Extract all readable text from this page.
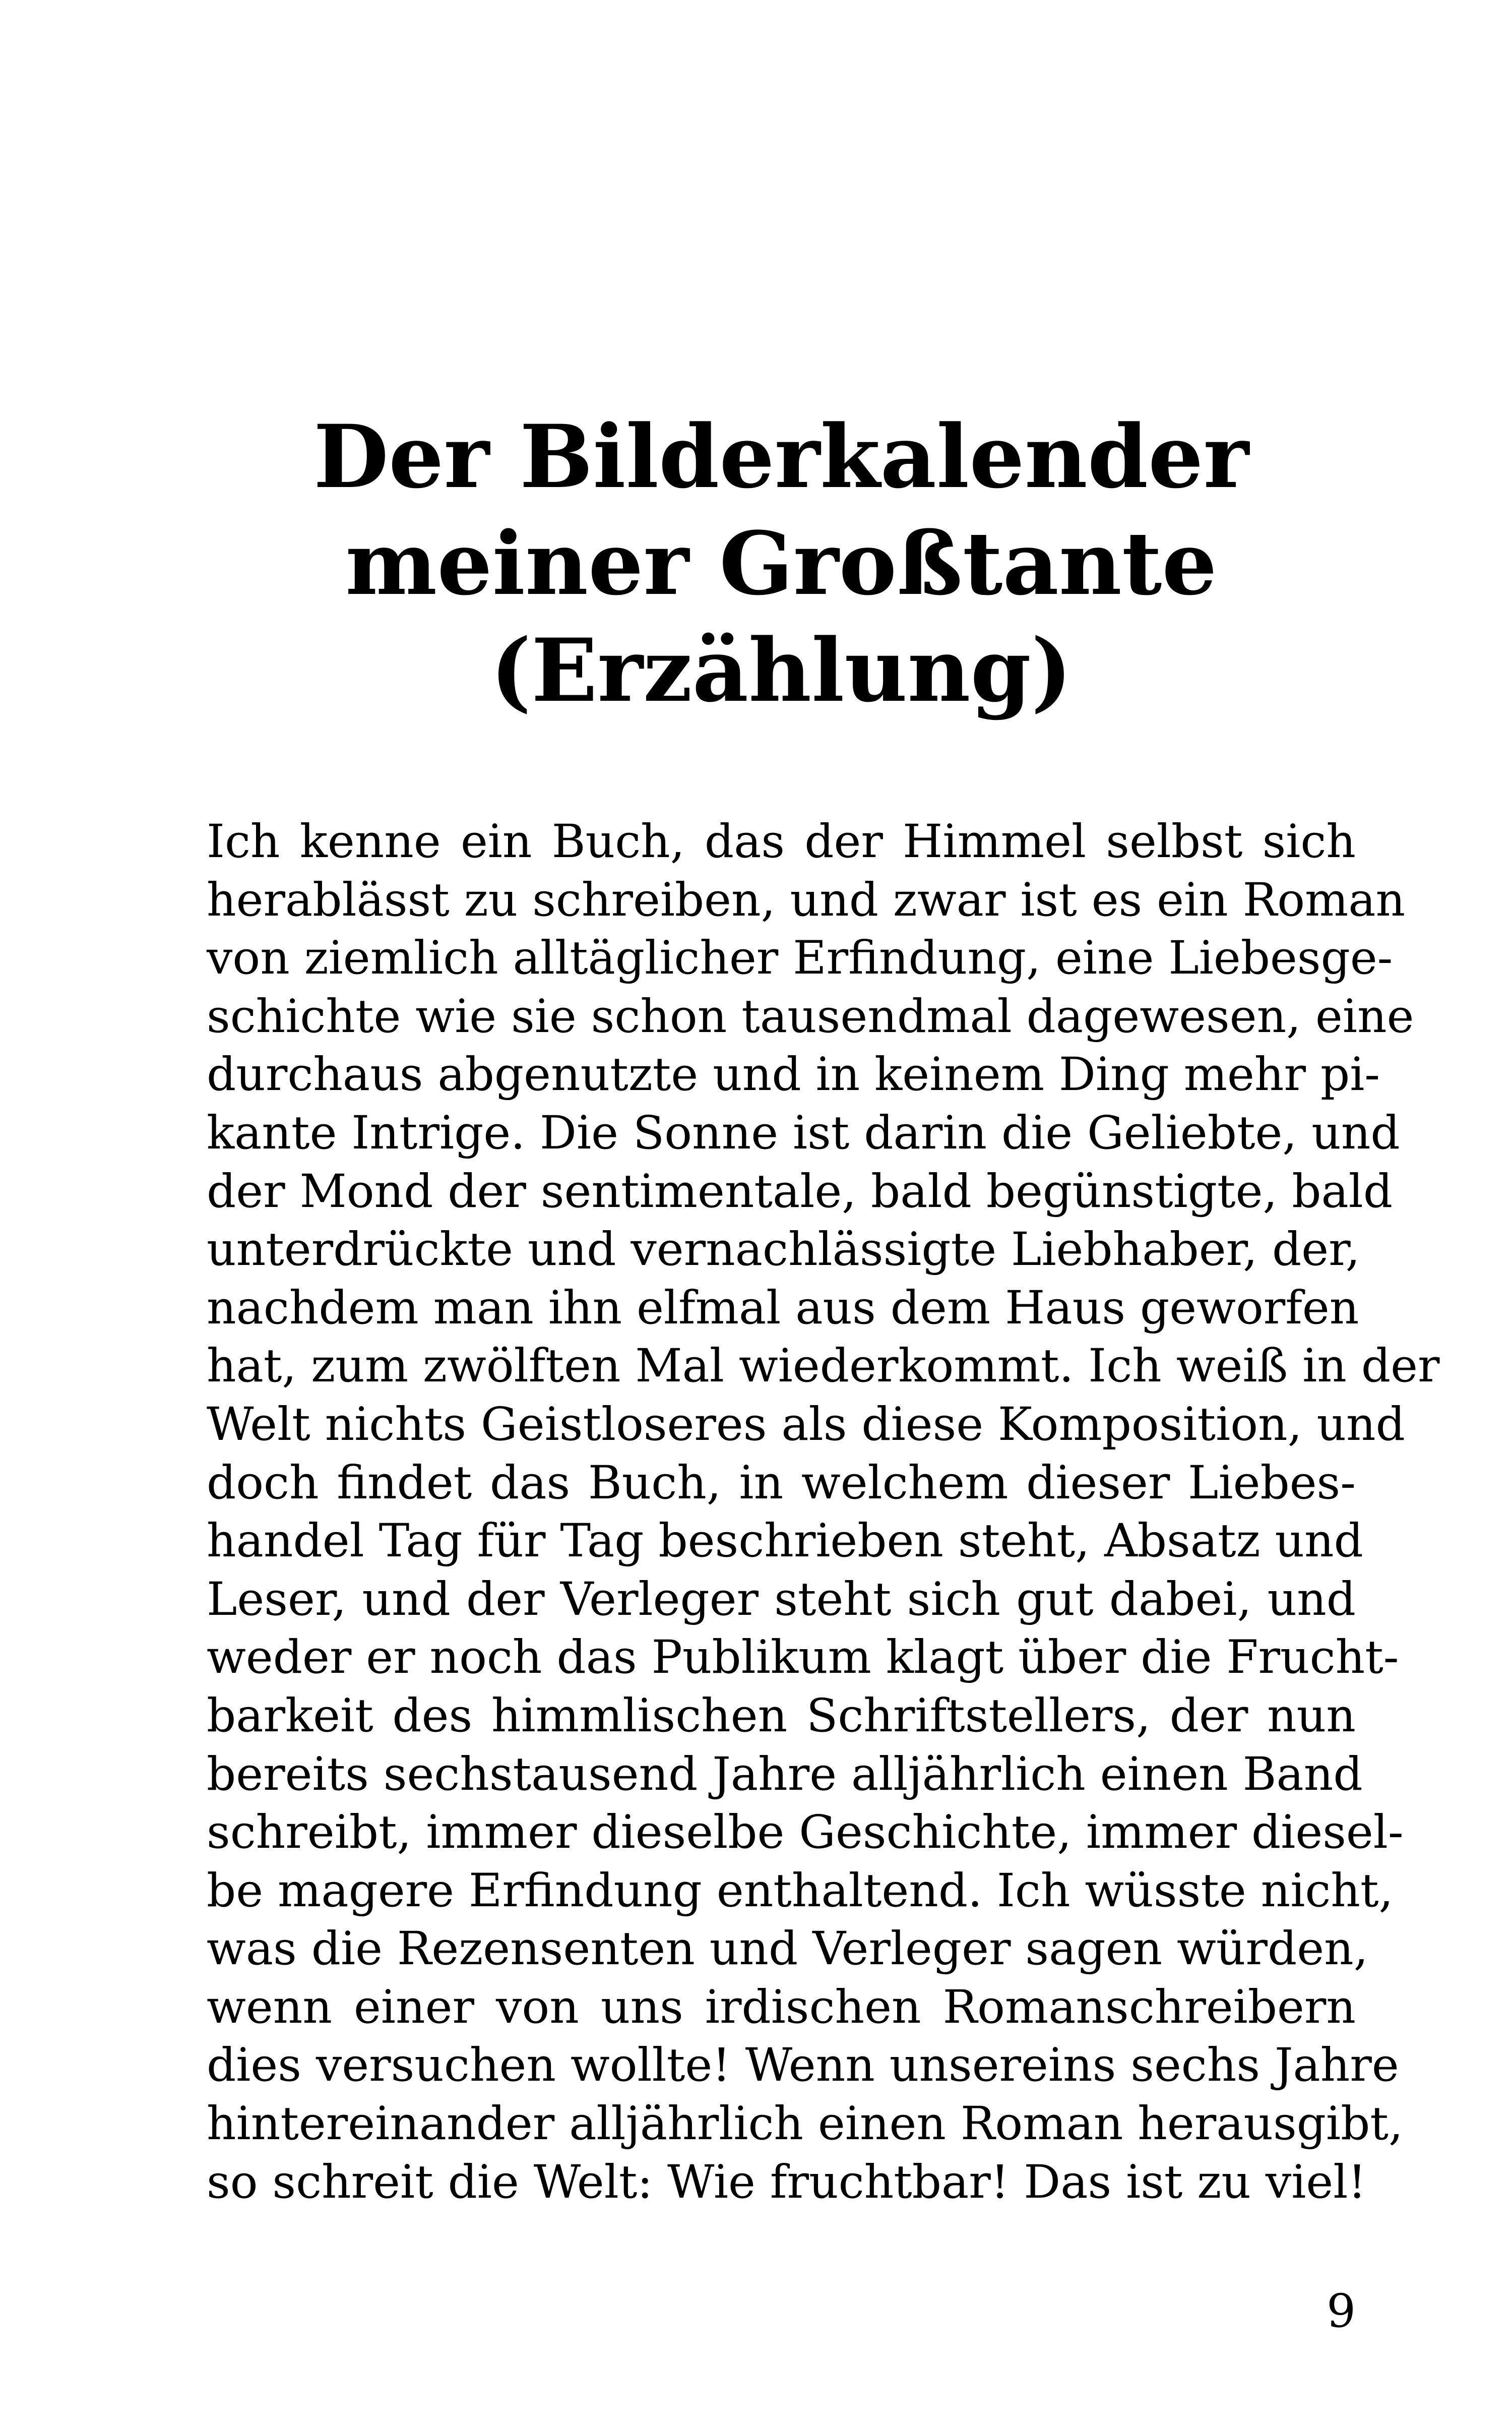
Der Bilderkalender
meiner Großtante
(Erzählung)
Ich kenne ein Buch, das der Himmel selbst sich
herablässt zu schreiben, und zwar ist es ein Roman
von ziemlich alltäglicher Erfindung, eine Liebesge-
schichte wie sie schon tausendmal dagewesen, eine
durchaus abgenutzte und in keinem Ding mehr pi-
kante Intrige. Die Sonne ist darin die Geliebte, und
der Mond der sentimentale, bald begünstigte, bald
unterdrückte und vernachlässigte Liebhaber, der,
nachdem man ihn elfmal aus dem Haus geworfen
hat, zum zwölften Mal wiederkommt. Ich weiß in der
Welt nichts Geistloseres als diese Komposition, und
doch findet das Buch, in welchem dieser Liebes-
handel Tag für Tag beschrieben steht, Absatz und
Leser, und der Verleger steht sich gut dabei, und
weder er noch das Publikum klagt über die Frucht-
barkeit des himmlischen Schriftstellers, der nun
bereits sechstausend Jahre alljährlich einen Band
schreibt, immer dieselbe Geschichte, immer diesel-
be magere Erfindung enthaltend. Ich wüsste nicht,
was die Rezensenten und Verleger sagen würden,
wenn einer von uns irdischen Romanschreibern
dies versuchen wollte! Wenn unsereins sechs Jahre
hintereinander alljährlich einen Roman herausgibt,
so schreit die Welt: Wie fruchtbar! Das ist zu viel!
9
